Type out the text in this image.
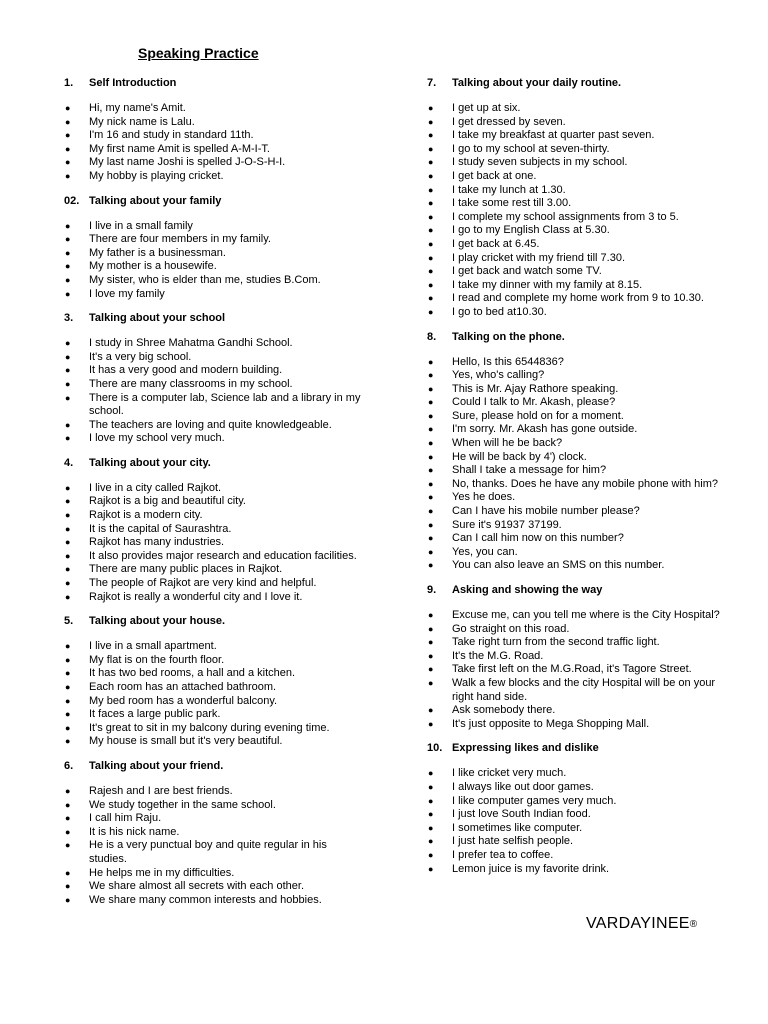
Speaking Practice
1.	Self Introduction
●	Hi, my name's Amit.
●	My nick name is Lalu.
●	I'm 16 and study in standard 11th.
●	My first name Amit is spelled A-M-I-T.
●	My last name Joshi is spelled J-O-S-H-I.
●	My hobby is playing cricket.
02. Talking about your family
●	I live in a small family
●	There are four members in my family.
●	My father is a businessman.
●	My mother is a housewife.
●	My sister, who is elder than me, studies B.Com.
●	I love my family
3.	Talking about your school
●	I study in Shree Mahatma Gandhi School.
●	It's a very big school.
●	It has a very good and modern building.
●	There are many classrooms in my school.
●	There is a computer lab, Science lab and a library in my school.
●	The teachers are loving and quite knowledgeable.
●	I love my school very much.
4.	Talking about your city.
●	I live in a city called Rajkot.
●	Rajkot is a big and beautiful city.
●	Rajkot is a modern city.
●	It is the capital of Saurashtra.
●	Rajkot has many industries.
●	It also provides major research and education facilities.
●	There are many public places in Rajkot.
●	The people of Rajkot are very kind and helpful.
●	Rajkot is really a wonderful city and I love it.
5.	Talking about your house.
●	I live in a small apartment.
●	My flat is on the fourth floor.
●	It has two bed rooms, a hall and a kitchen.
●	Each room has an attached bathroom.
●	My bed room has a wonderful balcony.
●	It faces a large public park.
●	It's great to sit in my balcony during evening time.
●	My house is small but it's very beautiful.
6.	Talking about your friend.
●	Rajesh and I are best friends.
●	We study together in the same school.
●	I call him Raju.
●	It is his nick name.
●	He is a very punctual boy and quite regular in his studies.
●	He helps me in my difficulties.
●	We share almost all secrets with each other.
●	We share many common interests and hobbies.
7.	Talking about your daily routine.
●	I get up at six.
●	I get dressed by seven.
●	I take my breakfast at quarter past seven.
●	I go to my school at seven-thirty.
●	I study seven subjects in my school.
●	I get back at one.
●	I take my lunch at 1.30.
●	I take some rest till 3.00.
●	I complete my school assignments from 3 to 5.
●	I go to my English Class at 5.30.
●	I get back at 6.45.
●	I play cricket with my friend till 7.30.
●	I get back and watch some TV.
●	I take my dinner with my family at 8.15.
●	I read and complete my home work from 9 to 10.30.
●	I go to bed at10.30.
8.	Talking on the phone.
●	Hello, Is this 6544836?
●	Yes, who's calling?
●	This is Mr. Ajay Rathore speaking.
●	Could I talk to Mr. Akash, please?
●	Sure, please hold on for a moment.
●	I'm sorry. Mr. Akash has gone outside.
●	When will he be back?
●	He will be back by 4') clock.
●	Shall I take a message for him?
●	No, thanks. Does he have any mobile phone with him?
●	Yes he does.
●	Can I have his mobile number please?
●	Sure it's 91937 37199.
●	Can I call him now on this number?
●	Yes, you can.
●	You can also leave an SMS on this number.
9.	Asking and showing the way
●	Excuse me, can you tell me where is the City Hospital?
●	Go straight on this road.
●	Take right turn from the second traffic light.
●	It's the M.G. Road.
●	Take first left on the M.G.Road, it's Tagore Street.
●	Walk a few blocks and the city Hospital will be on your right hand side.
●	Ask somebody there.
●	It's just opposite to Mega Shopping Mall.
10. Expressing likes and dislike
●	I like cricket very much.
●	I always like out door games.
●	I like computer games very much.
●	I just love South Indian food.
●	I sometimes like computer.
●	I just hate selfish people.
●	I prefer tea to coffee.
●	Lemon juice is my favorite drink.
VARDAYINEE®
